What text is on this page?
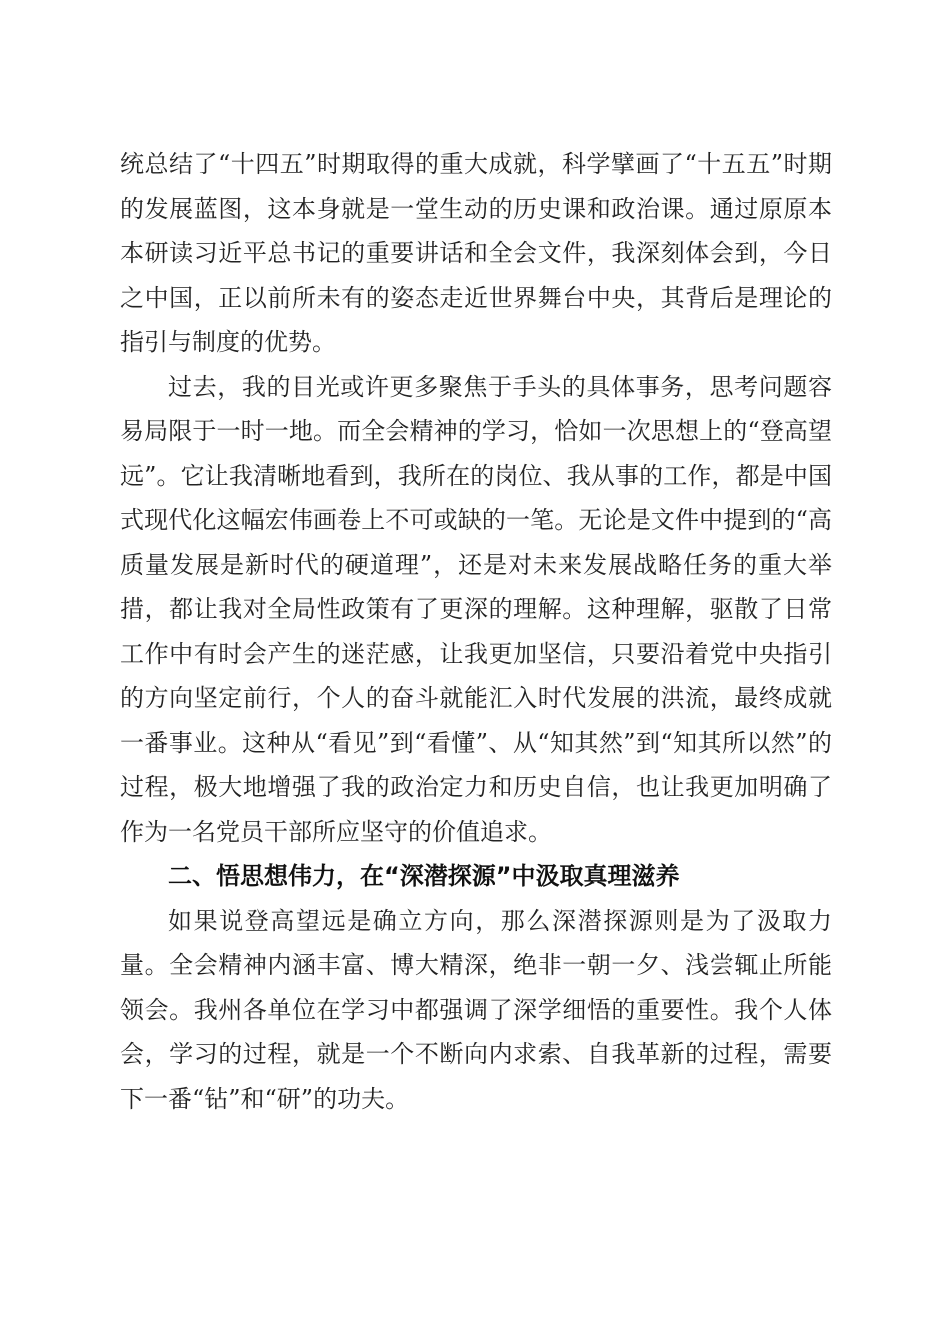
统总结了“十四五”时期取得的重大成就，科学擘画了“十五五”时期的发展蓝图，这本身就是一堂生动的历史课和政治课。通过原原本本研读习近平总书记的重要讲话和全会文件，我深刻体会到，今日之中国，正以前所未有的姿态走近世界舞台中央，其背后是理论的指引与制度的优势。

过去，我的目光或许更多聚焦于手头的具体事务，思考问题容易局限于一时一地。而全会精神的学习，恰如一次思想上的“登高望远”。它让我清晰地看到，我所在的岗位、我从事的工作，都是中国式现代化这幅宏伟画卷上不可或缺的一笔。无论是文件中提到的“高质量发展是新时代的硬道理”，还是对未来发展战略任务的重大举措，都让我对全局性政策有了更深的理解。这种理解，驱散了日常工作中有时会产生的迷茫感，让我更加坚信，只要沿着党中央指引的方向坚定前行，个人的奋斗就能汇入时代发展的洪流，最终成就一番事业。这种从“看见”到“看懂”、从“知其然”到“知其所以然”的过程，极大地增强了我的政治定力和历史自信，也让我更加明确了作为一名党员干部所应坚守的价值追求。

二、悟思想伟力，在“深潜探源”中汲取真理滋养

如果说登高望远是确立方向，那么深潜探源则是为了汲取力量。全会精神内涵丰富、博大精深，绝非一朝一夕、浅尝辄止所能领会。我州各单位在学习中都强调了深学细悟的重要性。我个人体会，学习的过程，就是一个不断向内求索、自我革新的过程，需要下一番“钻”和“研”的功夫。
